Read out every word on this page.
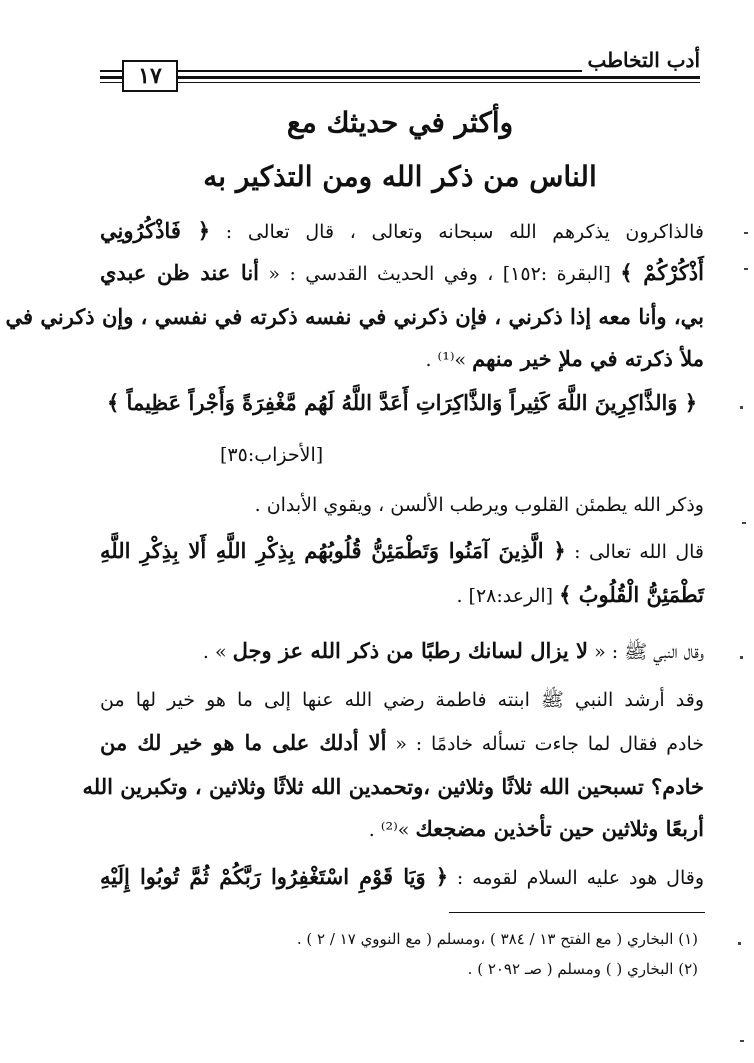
أدب التخاطب
١٧
وأكثر في حديثك مع
الناس من ذكر الله ومن التذكير به
فالذاكرون يذكرهم الله سبحانه وتعالى ، قال تعالى : ﴿ فَاذْكُرُونِي
أَذْكُرْكُمْ ﴾ [البقرة :١٥٢] ، وفي الحديث القدسي : « أنا عند ظن عبدي
بي، وأنا معه إذا ذكرني ، فإن ذكرني في نفسه ذكرته في نفسي ، وإن ذكرني في
ملأ ذكرته في ملإ خير منهم »⁽¹⁾ .
﴿ وَالذَّاكِرِينَ اللَّهَ كَثِيراً وَالذَّاكِرَاتِ أَعَدَّ اللَّهُ لَهُم مَّغْفِرَةً وَأَجْراً عَظِيماً ﴾
[الأحزاب:٣٥]
وذكر الله يطمئن القلوب ويرطب الألسن ، ويقوي الأبدان .
قال الله تعالى : ﴿ الَّذِينَ آمَنُوا وَتَطْمَئِنُّ قُلُوبُهُم بِذِكْرِ اللَّهِ أَلا بِذِكْرِ اللَّهِ
تَطْمَئِنُّ الْقُلُوبُ ﴾ [الرعد:٢٨] .
وقال النبي ﷺ : « لا يزال لسانك رطبًا من ذكر الله عز وجل » .
وقد أرشد النبي ﷺ ابنته فاطمة رضي الله عنها إلى ما هو خير لها من
خادم فقال لما جاءت تسأله خادمًا : « ألا أدلك على ما هو خير لك من
خادم؟ تسبحين الله ثلاثًا وثلاثين ،وتحمدين الله ثلاثًا وثلاثين ، وتكبرين الله
أربعًا وثلاثين حين تأخذين مضجعك »⁽²⁾ .
وقال هود عليه السلام لقومه : ﴿ وَيَا قَوْمِ اسْتَغْفِرُوا رَبَّكُمْ ثُمَّ تُوبُوا إِلَيْهِ
(١) البخاري ( مع الفتح ١٣ / ٣٨٤ ) ،ومسلم ( مع النووي ١٧ / ٢ ) .
(٢) البخاري ( ) ومسلم ( صـ ٢٠٩٢ ) .
